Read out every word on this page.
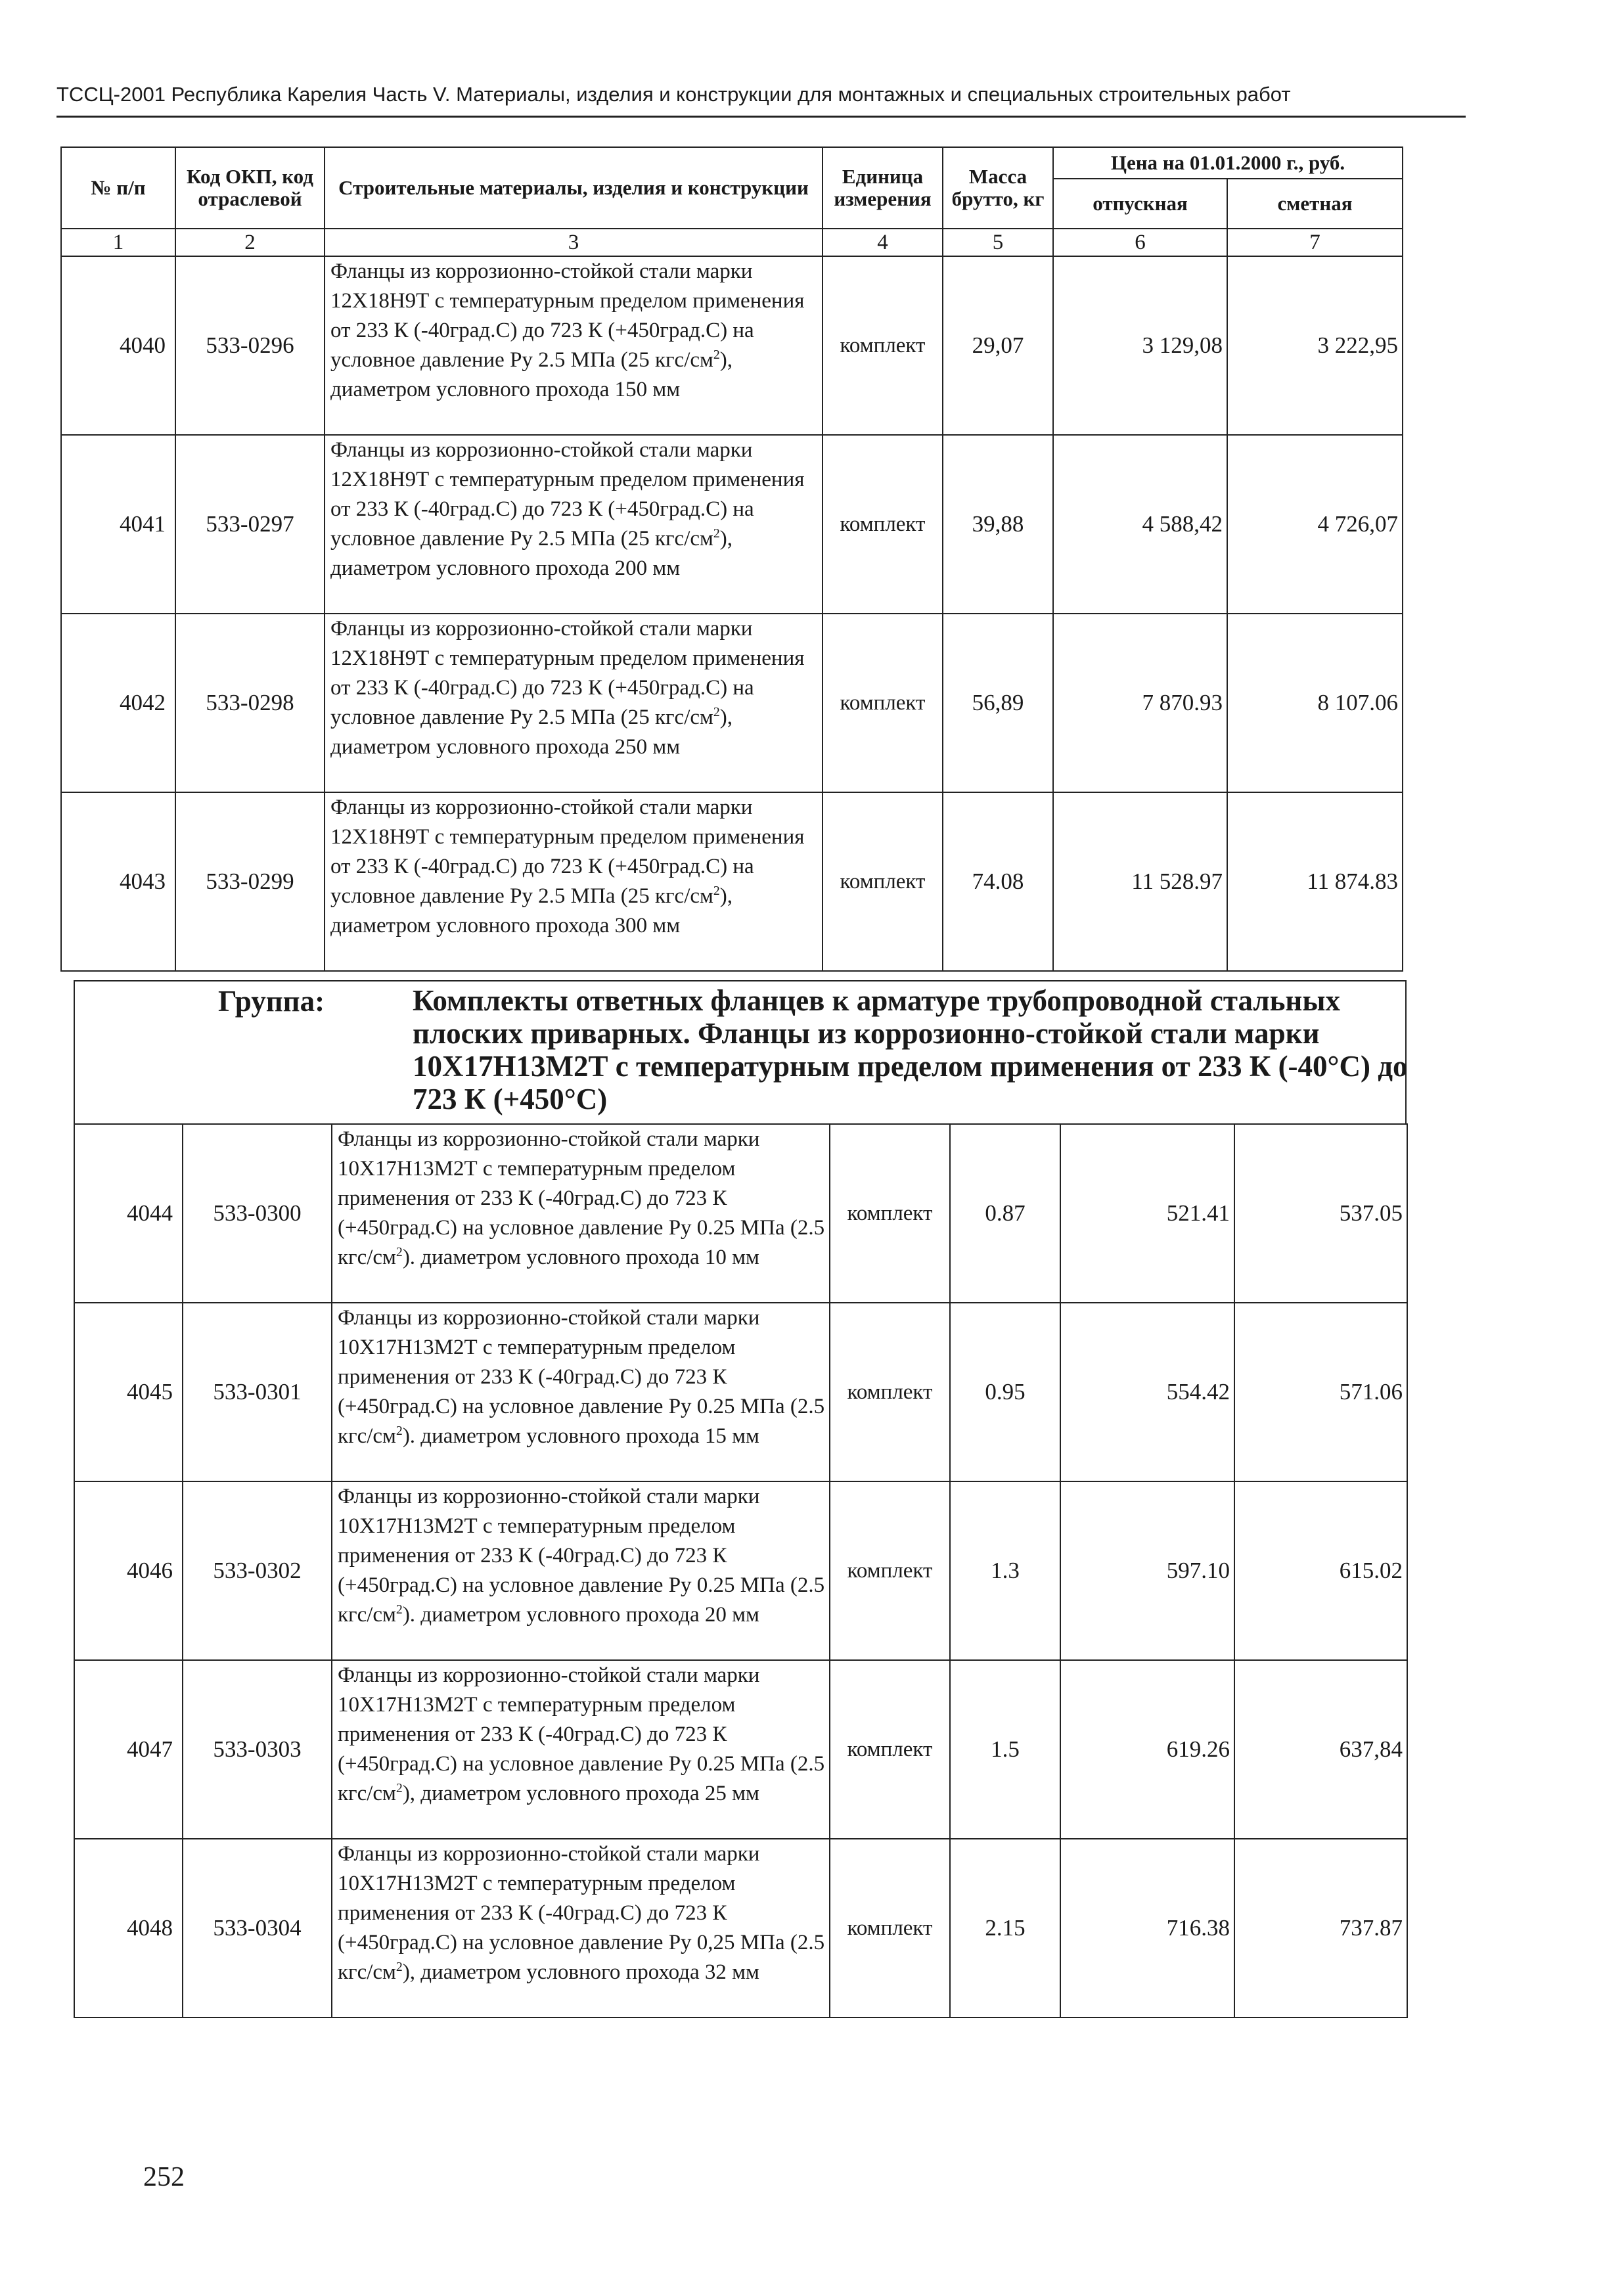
ТССЦ-2001 Республика Карелия Часть V. Материалы, изделия и конструкции для монтажных и специальных строительных работ
№ п/п	Код ОКП, код отраслевой	Строительные материалы, изделия и конструкции	Единица измерения	Масса брутто, кг	Цена на 01.01.2000 г., руб.	
					отпускная	сметная
1	2	3	4	5	6	7
4040	533-0296	Фланцы из коррозионно-стойкой стали марки 12Х18Н9Т с температурным пределом применения от 233 К (-40град.С) до 723 К (+450град.С) на условное давление Ру 2.5 МПа (25 кгс/$см^2$), диаметром условного прохода 150 мм	комплект	29,07	3 129,08	3 222,95
4041	533-0297	Фланцы из коррозионно-стойкой стали марки 12Х18Н9Т с температурным пределом применения от 233 К (-40град.С) до 723 К (+450град.С) на условное давление Ру 2.5 МПа (25 кгс/$см^2$), диаметром условного прохода 200 мм	комплект	39,88	4 588,42	4 726,07
4042	533-0298	Фланцы из коррозионно-стойкой стали марки 12Х18Н9Т с температурным пределом применения от 233 К (-40град.С) до 723 К (+450град.С) на условное давление Ру 2.5 МПа (25 кгс/$см^2$), диаметром условного прохода 250 мм	комплект	56,89	7 870.93	8 107.06
4043	533-0299	Фланцы из коррозионно-стойкой стали марки 12Х18Н9Т с температурным пределом применения от 233 К (-40град.С) до 723 К (+450град.С) на условное давление Ру 2.5 МПа (25 кгс/$см^2$), диаметром условного прохода 300 мм	комплект	74.08	11 528.97	11 874.83
Группа:	Комплекты ответных фланцев к арматуре трубопроводной стальных плоских приварных. Фланцы из коррозионно-стойкой стали марки 10Х17Н13М2Т с температурным пределом применения от 233 К (-40°С) до 723 К (+450°С)
4044	533-0300	Фланцы из коррозионно-стойкой стали марки 10Х17Н13М2Т с температурным пределом применения от 233 К (-40град.С) до 723 К (+450град.С) на условное давление Ру 0.25 МПа (2.5 кгс/$см^2$). диаметром условного прохода 10 мм	комплект	0.87	521.41	537.05
4045	533-0301	Фланцы из коррозионно-стойкой стали марки 10Х17Н13М2Т с температурным пределом применения от 233 К (-40град.С) до 723 К (+450град.С) на условное давление Ру 0.25 МПа (2.5 кгс/$см^2$). диаметром условного прохода 15 мм	комплект	0.95	554.42	571.06
4046	533-0302	Фланцы из коррозионно-стойкой стали марки 10Х17Н13М2Т с температурным пределом применения от 233 К (-40град.С) до 723 К (+450град.С) на условное давление Ру 0.25 МПа (2.5 кгс/$см^2$). диаметром условного прохода 20 мм	комплект	1.3	597.10	615.02
4047	533-0303	Фланцы из коррозионно-стойкой стали марки 10Х17Н13М2Т с температурным пределом применения от 233 К (-40град.С) до 723 К (+450град.С) на условное давление Ру 0.25 МПа (2.5 кгс/$см^2$), диаметром условного прохода 25 мм	комплект	1.5	619.26	637,84
4048	533-0304	Фланцы из коррозионно-стойкой стали марки 10Х17Н13М2Т с температурным пределом применения от 233 К (-40град.С) до 723 К (+450град.С) на условное давление Ру 0,25 МПа (2.5 кгс/$см^2$), диаметром условного прохода 32 мм	комплект	2.15	716.38	737.87
252
